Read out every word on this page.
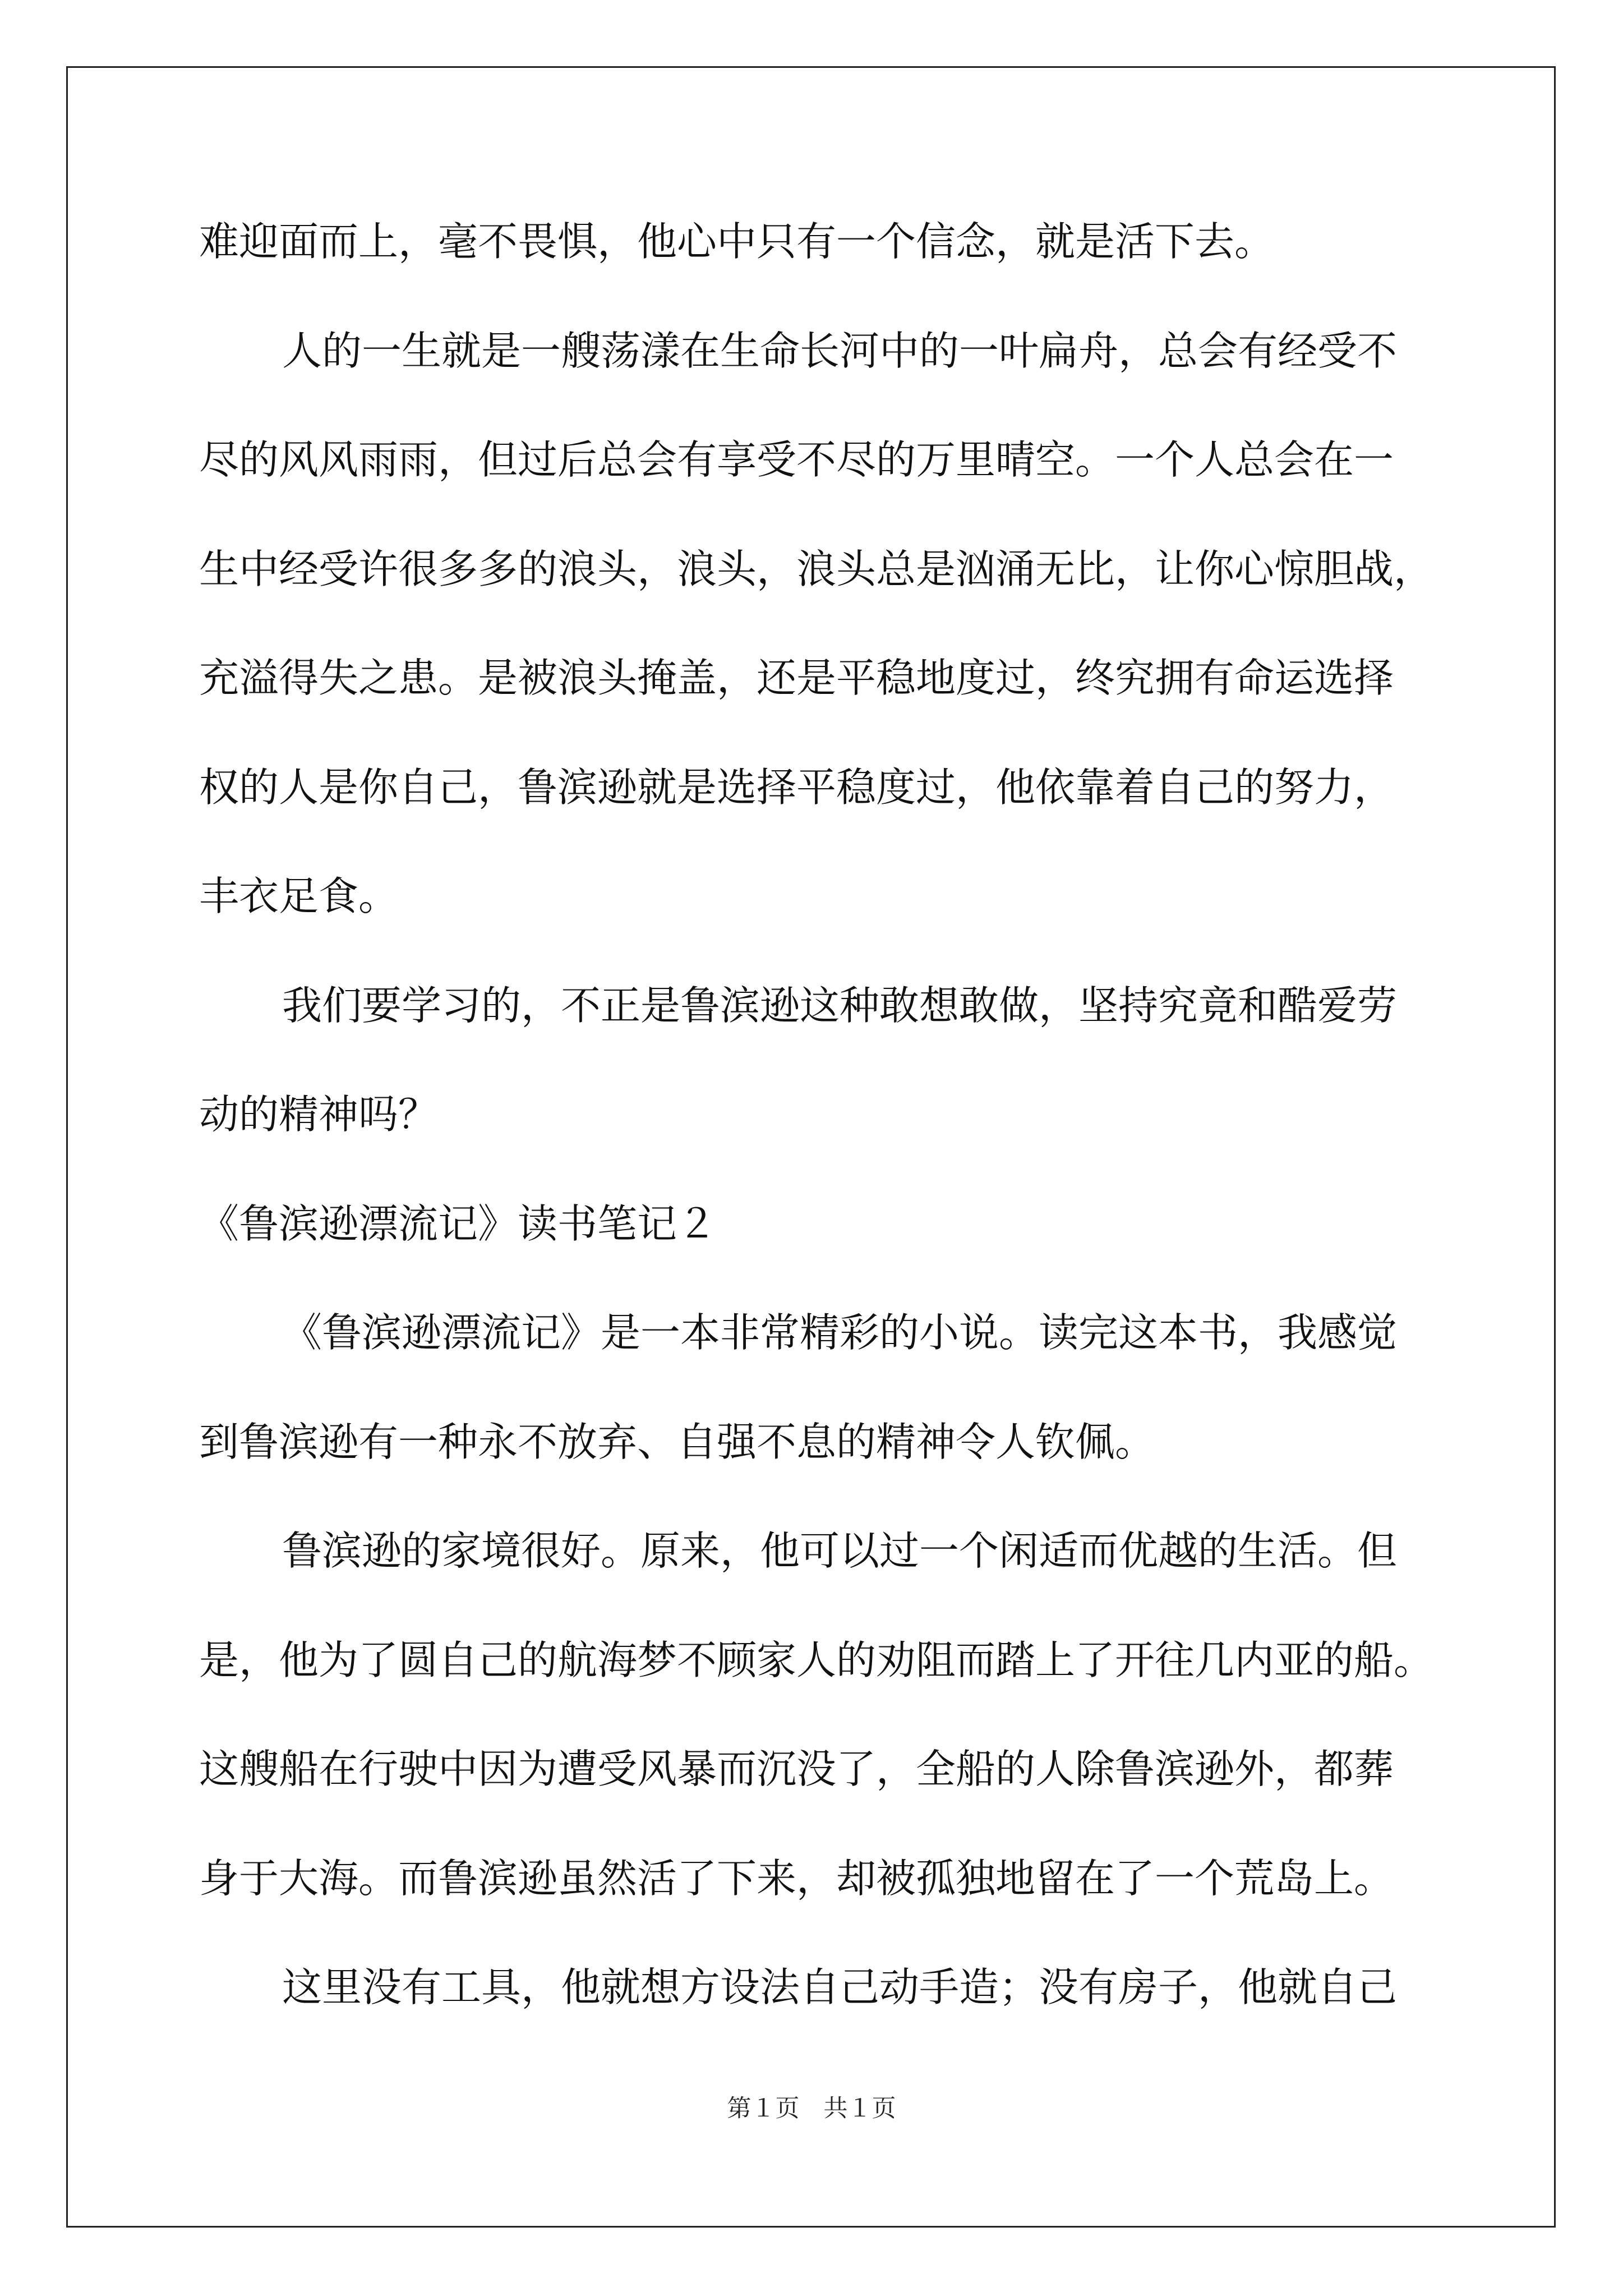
难迎面而上，毫不畏惧，他心中只有一个信念，就是活下去。
人的一生就是一艘荡漾在生命长河中的一叶扁舟，总会有经受不
尽的风风雨雨，但过后总会有享受不尽的万里晴空。一个人总会在一
生中经受许很多多的浪头，浪头，浪头总是汹涌无比，让你心惊胆战，
充溢得失之患。是被浪头掩盖，还是平稳地度过，终究拥有命运选择
权的人是你自己，鲁滨逊就是选择平稳度过，他依靠着自己的努力，
丰衣足食。
我们要学习的，不正是鲁滨逊这种敢想敢做，坚持究竟和酷爱劳
动的精神吗？
《鲁滨逊漂流记》读书笔记２
《鲁滨逊漂流记》是一本非常精彩的小说。读完这本书，我感觉
到鲁滨逊有一种永不放弃、自强不息的精神令人钦佩。
鲁滨逊的家境很好。原来，他可以过一个闲适而优越的生活。但
是，他为了圆自己的航海梦不顾家人的劝阻而踏上了开往几内亚的船。
这艘船在行驶中因为遭受风暴而沉没了，全船的人除鲁滨逊外，都葬
身于大海。而鲁滨逊虽然活了下来，却被孤独地留在了一个荒岛上。
这里没有工具，他就想方设法自己动手造；没有房子，他就自己
第１页　共１页
